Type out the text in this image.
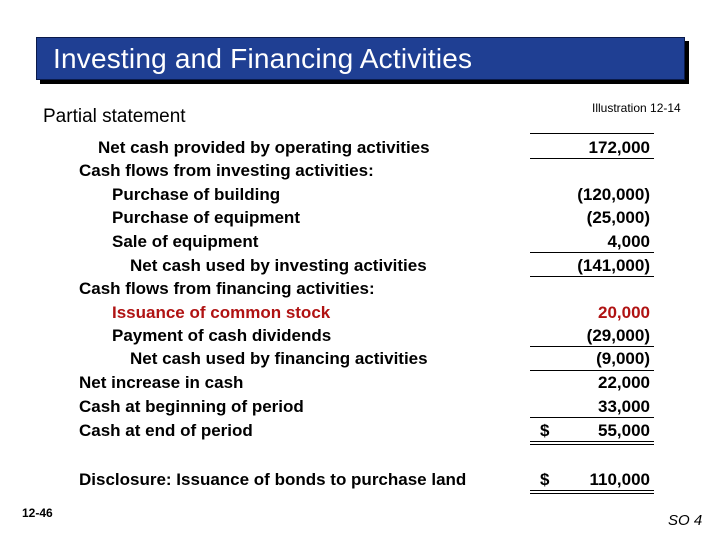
Investing and Financing Activities
Partial statement	Illustration 12-14
Net cash provided by operating activities	172,000
Cash flows from investing activities:
Purchase of building	(120,000)
Purchase of equipment	(25,000)
Sale of equipment	4,000
Net cash used by investing activities	(141,000)
Cash flows from financing activities:
Issuance of common stock	20,000
Payment of cash dividends	(29,000)
Net cash used by financing activities	(9,000)
Net increase in cash	22,000
Cash at beginning of period	33,000
Cash at end of period	$	55,000
Disclosure: Issuance of bonds to purchase land	$	110,000
12-46	SO 4
